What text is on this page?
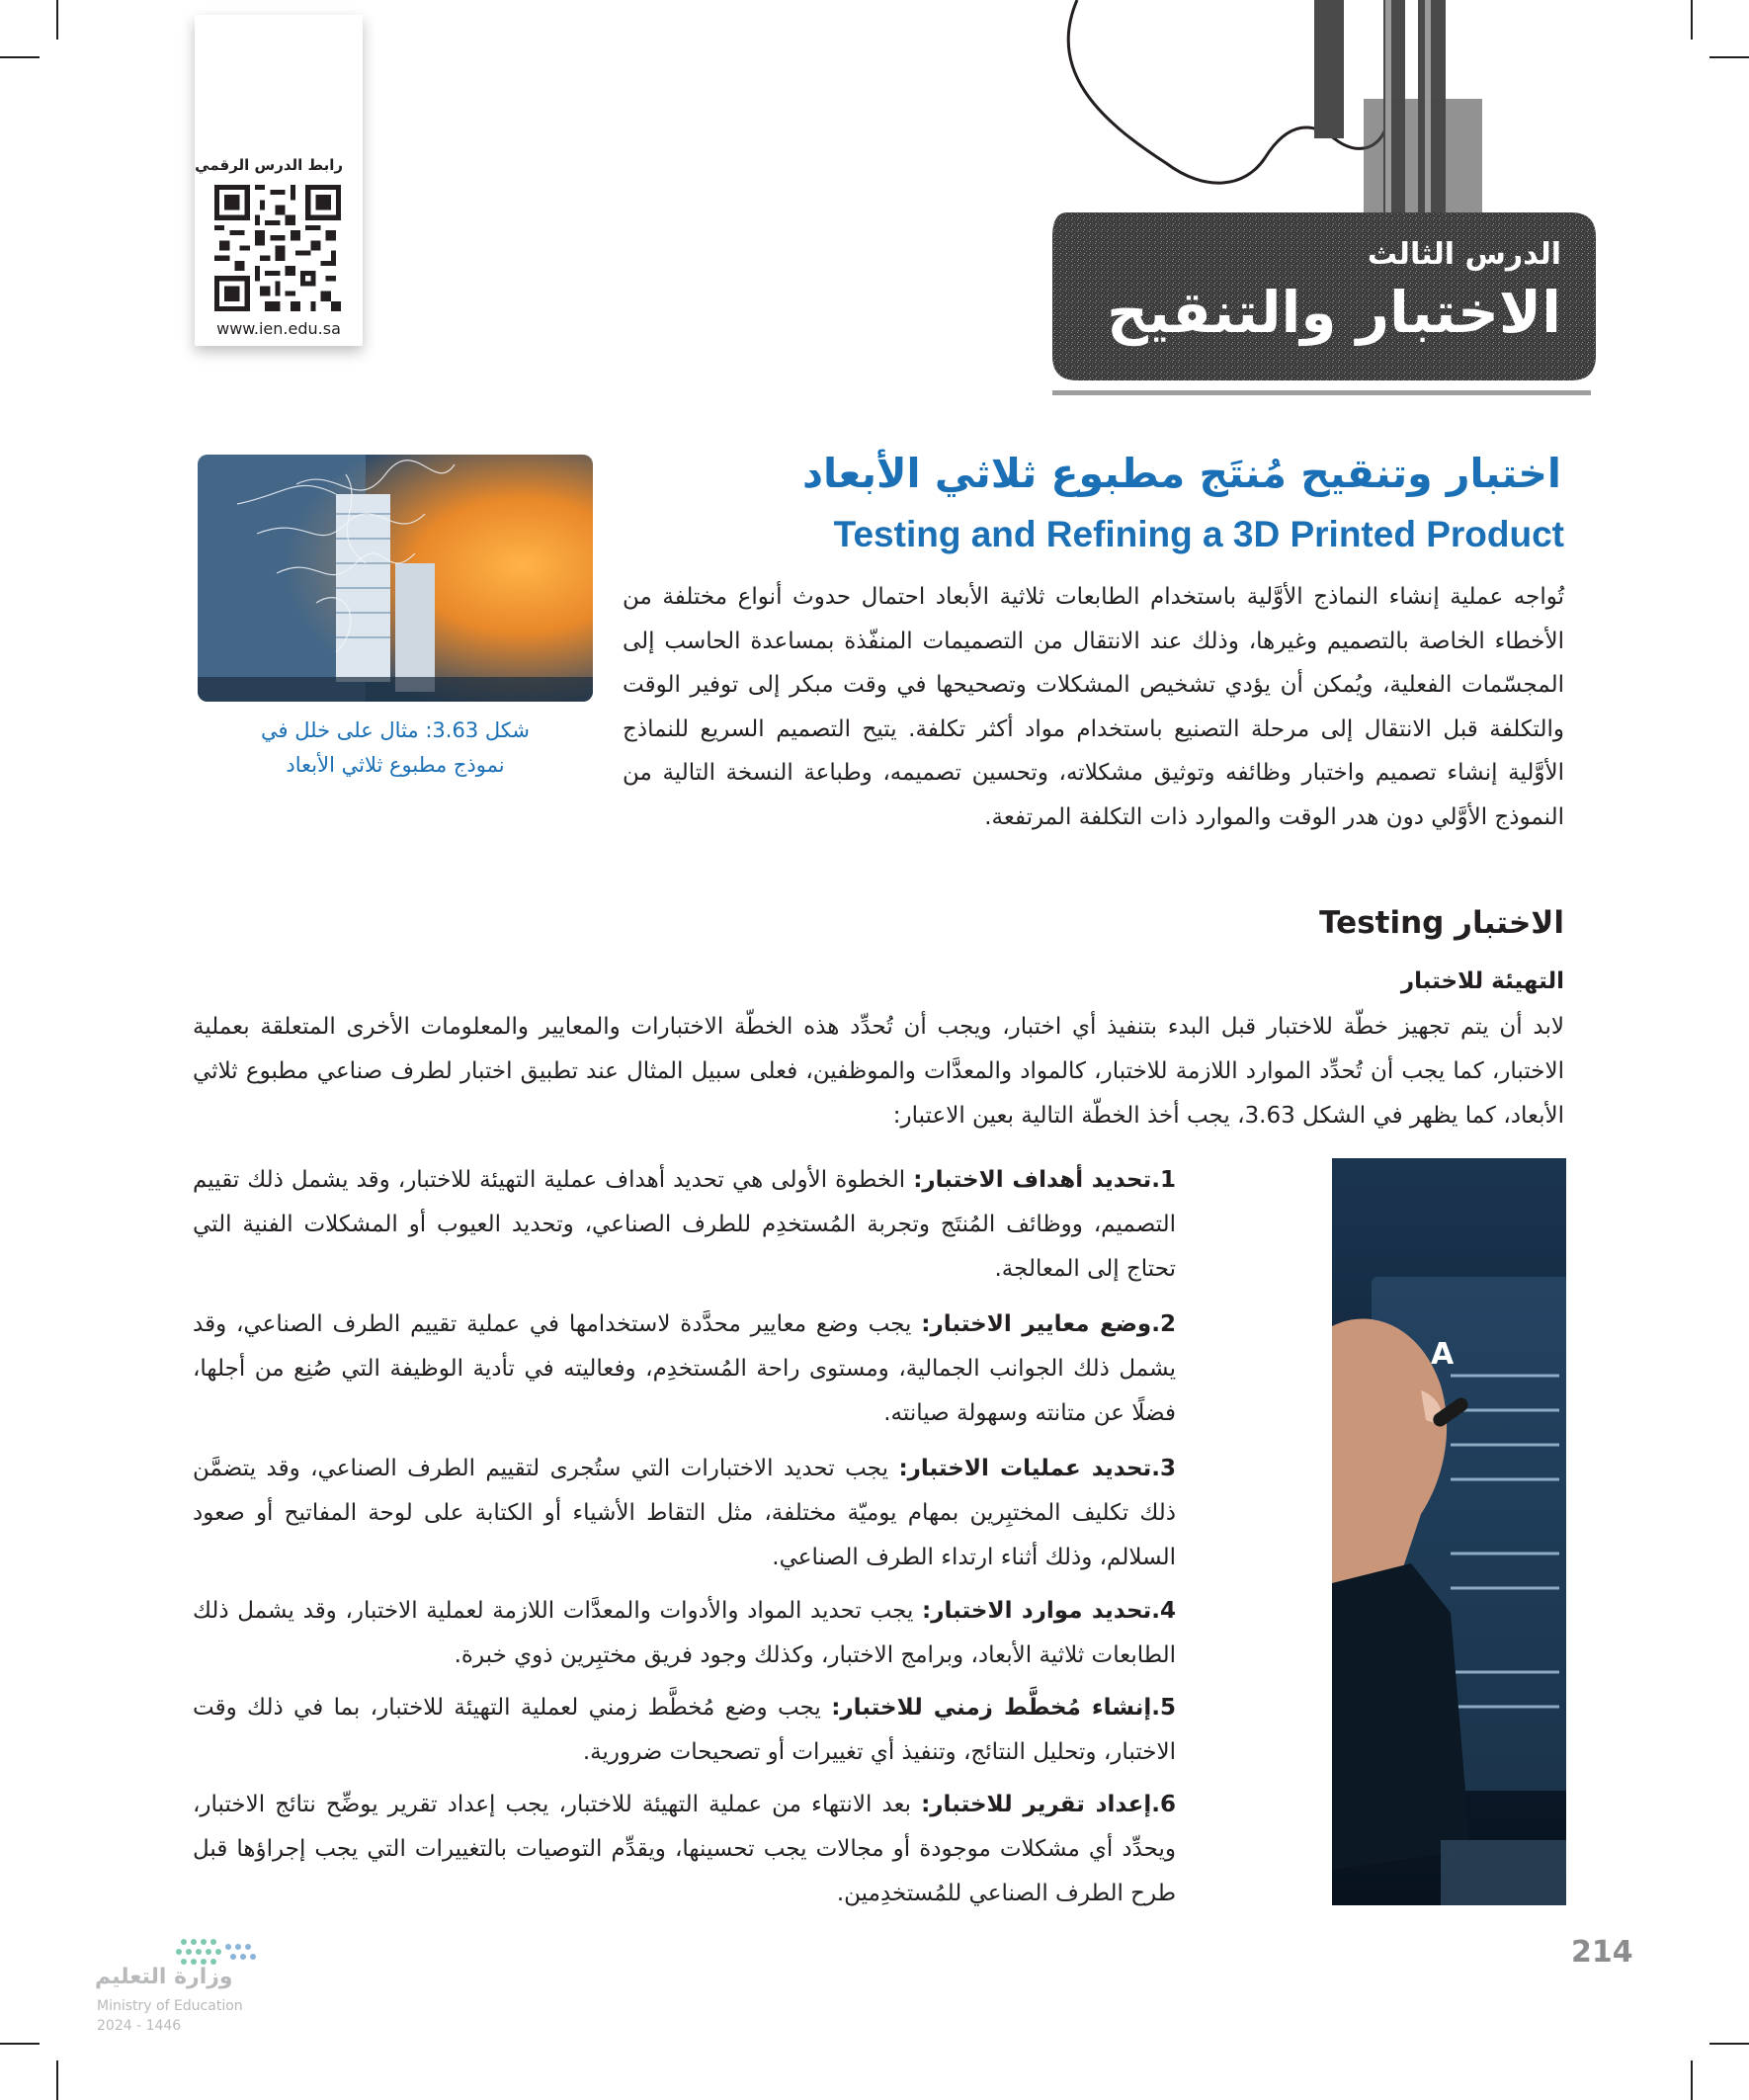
رابط الدرس الرقمي
www.ien.edu.sa
الدرس الثالث
الاختبار والتنقيح
اختبار وتنقيح مُنتَج مطبوع ثلاثي الأبعاد
Testing and Refining a 3D Printed Product
شكل 3.63: مثال على خلل في
نموذج مطبوع ثلاثي الأبعاد
تُواجه عملية إنشاء النماذج الأوَّلية باستخدام الطابعات ثلاثية الأبعاد احتمال حدوث أنواع مختلفة من الأخطاء الخاصة بالتصميم وغيرها، وذلك عند الانتقال من التصميمات المنفّذة بمساعدة الحاسب إلى المجسّمات الفعلية، ويُمكن أن يؤدي تشخيص المشكلات وتصحيحها في وقت مبكر إلى توفير الوقت والتكلفة قبل الانتقال إلى مرحلة التصنيع باستخدام مواد أكثر تكلفة. يتيح التصميم السريع للنماذج الأوَّلية إنشاء تصميم واختبار وظائفه وتوثيق مشكلاته، وتحسين تصميمه، وطباعة النسخة التالية من النموذج الأوَّلي دون هدر الوقت والموارد ذات التكلفة المرتفعة.
الاختبار Testing
التهيئة للاختبار
لابد أن يتم تجهيز خطّة للاختبار قبل البدء بتنفيذ أي اختبار، ويجب أن تُحدِّد هذه الخطّة الاختبارات والمعايير والمعلومات الأخرى المتعلقة بعملية الاختبار، كما يجب أن تُحدِّد الموارد اللازمة للاختبار، كالمواد والمعدَّات والموظفين، فعلى سبيل المثال عند تطبيق اختبار لطرف صناعي مطبوع ثلاثي الأبعاد، كما يظهر في الشكل 3.63، يجب أخذ الخطّة التالية بعين الاعتبار:
1.تحديد أهداف الاختبار: الخطوة الأولى هي تحديد أهداف عملية التهيئة للاختبار، وقد يشمل ذلك تقييم التصميم، ووظائف المُنتَج وتجربة المُستخدِم للطرف الصناعي، وتحديد العيوب أو المشكلات الفنية التي تحتاج إلى المعالجة.
2.وضع معايير الاختبار: يجب وضع معايير محدَّدة لاستخدامها في عملية تقييم الطرف الصناعي، وقد يشمل ذلك الجوانب الجمالية، ومستوى راحة المُستخدِم، وفعاليته في تأدية الوظيفة التي صُنِع من أجلها، فضلًا عن متانته وسهولة صيانته.
3.تحديد عمليات الاختبار: يجب تحديد الاختبارات التي ستُجرى لتقييم الطرف الصناعي، وقد يتضمَّن ذلك تكليف المختبِرين بمهام يوميّة مختلفة، مثل التقاط الأشياء أو الكتابة على لوحة المفاتيح أو صعود السلالم، وذلك أثناء ارتداء الطرف الصناعي.
4.تحديد موارد الاختبار: يجب تحديد المواد والأدوات والمعدَّات اللازمة لعملية الاختبار، وقد يشمل ذلك الطابعات ثلاثية الأبعاد، وبرامج الاختبار، وكذلك وجود فريق مختبِرين ذوي خبرة.
5.إنشاء مُخطَّط زمني للاختبار: يجب وضع مُخطَّط زمني لعملية التهيئة للاختبار، بما في ذلك وقت الاختبار، وتحليل النتائج، وتنفيذ أي تغييرات أو تصحيحات ضرورية.
6.إعداد تقرير للاختبار: بعد الانتهاء من عملية التهيئة للاختبار، يجب إعداد تقرير يوضِّح نتائج الاختبار، ويحدِّد أي مشكلات موجودة أو مجالات يجب تحسينها، ويقدِّم التوصيات بالتغييرات التي يجب إجراؤها قبل طرح الطرف الصناعي للمُستخدِمين.
A
214
وزارة التعليم
Ministry of Education
2024 - 1446
